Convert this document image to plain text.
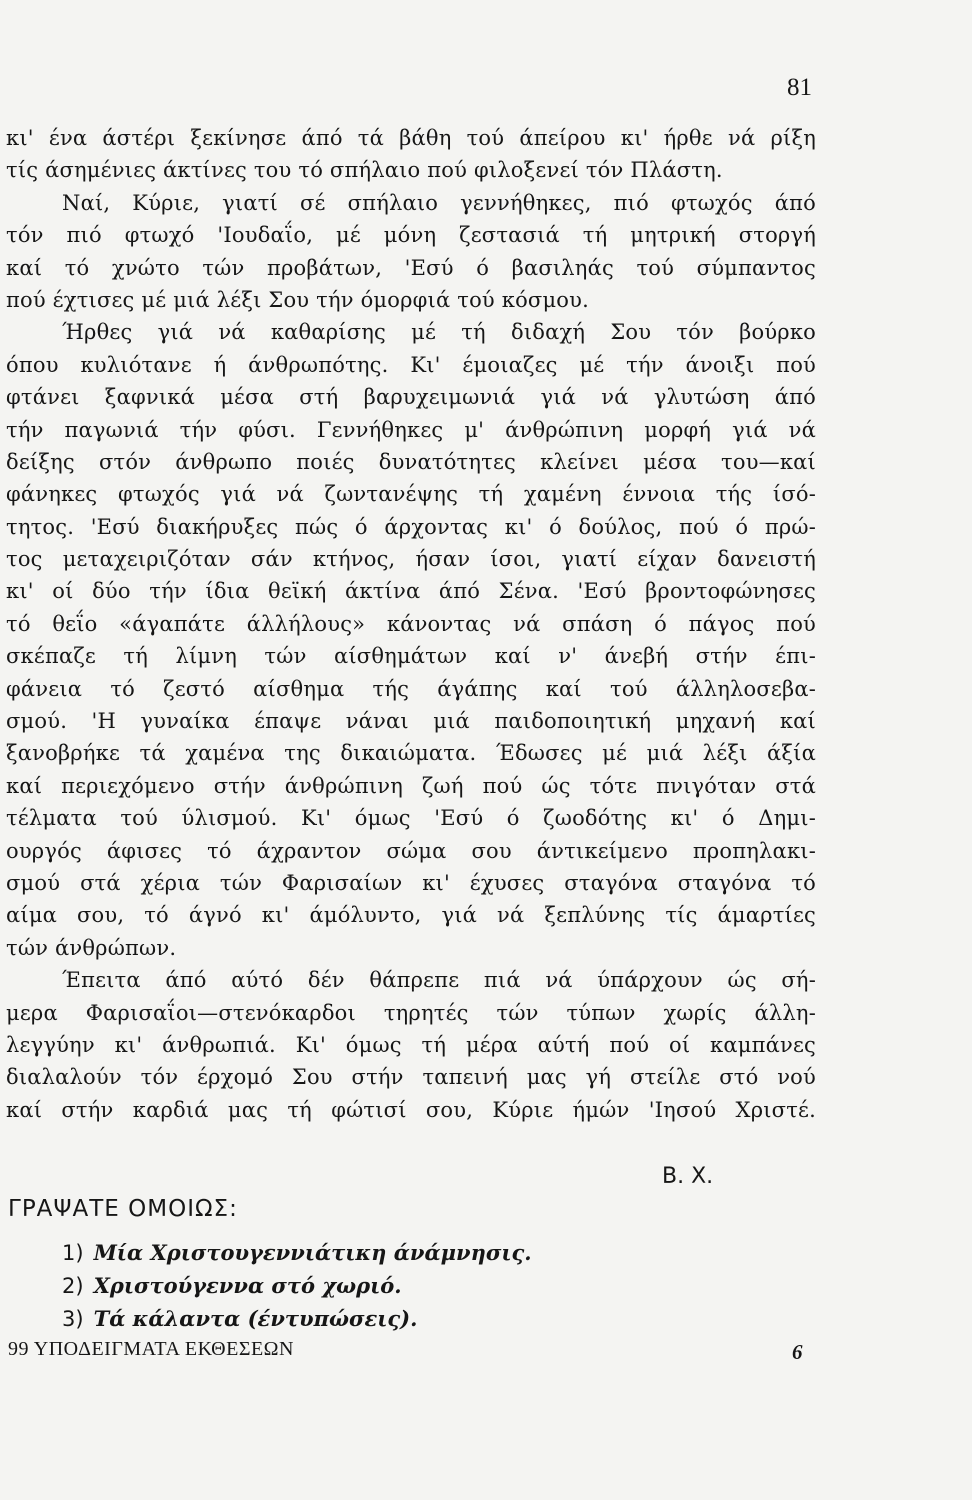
81
κι' ένα άστέρι ξεκίνησε άπό τά βάθη τού άπείρου κι' ήρθε νά ρίξη
τίς άσημένιες άκτίνες του τό σπήλαιο πού φιλοξενεί τόν Πλάστη.
Ναί, Κύριε, γιατί σέ σπήλαιο γεννήθηκες, πιό φτωχός άπό
τόν πιό φτωχό 'Ιουδαΐο, μέ μόνη ζεστασιά τή μητρική στοργή
καί τό χνώτο τών προβάτων, 'Εσύ ό βασιληάς τού σύμπαντος
πού έχτισες μέ μιά λέξι Σου τήν όμορφιά τού κόσμου.
Ήρθες γιά νά καθαρίσης μέ τή διδαχή Σου τόν βούρκο
όπου κυλιότανε ή άνθρωπότης. Κι' έμοιαζες μέ τήν άνοιξι πού
φτάνει ξαφνικά μέσα στή βαρυχειμωνιά γιά νά γλυτώση άπό
τήν παγωνιά τήν φύσι. Γεννήθηκες μ' άνθρώπινη μορφή γιά νά
δείξης στόν άνθρωπο ποιές δυνατότητες κλείνει μέσα του—καί
φάνηκες φτωχός γιά νά ζωντανέψης τή χαμένη έννοια τής ίσό-
τητος. 'Εσύ διακήρυξες πώς ό άρχοντας κι' ό δούλος, πού ό πρώ-
τος μεταχειριζόταν σάν κτήνος, ήσαν ίσοι, γιατί είχαν δανειστή
κι' οί δύο τήν ίδια θεϊκή άκτίνα άπό Σένα. 'Εσύ βροντοφώνησες
τό θεΐο «άγαπάτε άλλήλους» κάνοντας νά σπάση ό πάγος πού
σκέπαζε τή λίμνη τών αίσθημάτων καί ν' άνεβή στήν έπι-
φάνεια τό ζεστό αίσθημα τής άγάπης καί τού άλληλοσεβα-
σμού. 'Η γυναίκα έπαψε νάναι μιά παιδοποιητική μηχανή καί
ξανοβρήκε τά χαμένα της δικαιώματα. Έδωσες μέ μιά λέξι άξία
καί περιεχόμενο στήν άνθρώπινη ζωή πού ώς τότε πνιγόταν στά
τέλματα τού ύλισμού. Κι' όμως 'Εσύ ό ζωοδότης κι' ό Δημι-
ουργός άφισες τό άχραντον σώμα σου άντικείμενο προπηλακι-
σμού στά χέρια τών Φαρισαίων κι' έχυσες σταγόνα σταγόνα τό
αίμα σου, τό άγνό κι' άμόλυντο, γιά νά ξεπλύνης τίς άμαρτίες
τών άνθρώπων.
Έπειτα άπό αύτό δέν θάπρεπε πιά νά ύπάρχουν ώς σή-
μερα Φαρισαΐοι—στενόκαρδοι τηρητές τών τύπων χωρίς άλλη-
λεγγύην κι' άνθρωπιά. Κι' όμως τή μέρα αύτή πού οί καμπάνες
διαλαλούν τόν έρχομό Σου στήν ταπεινή μας γή στείλε στό νού
καί στήν καρδιά μας τή φώτισί σου, Κύριε ήμών 'Ιησού Χριστέ.
Β. Χ.
ΓΡΑΨΑΤΕ ΟΜΟΙΩΣ:
1) Μία Χριστουγεννιάτικη άνάμνησις.
2) Χριστούγεννα στό χωριό.
3) Τά κάλαντα (έντυπώσεις).
99 ΥΠΟΔΕΙΓΜΑΤΑ ΕΚΘΕΣΕΩΝ	6
